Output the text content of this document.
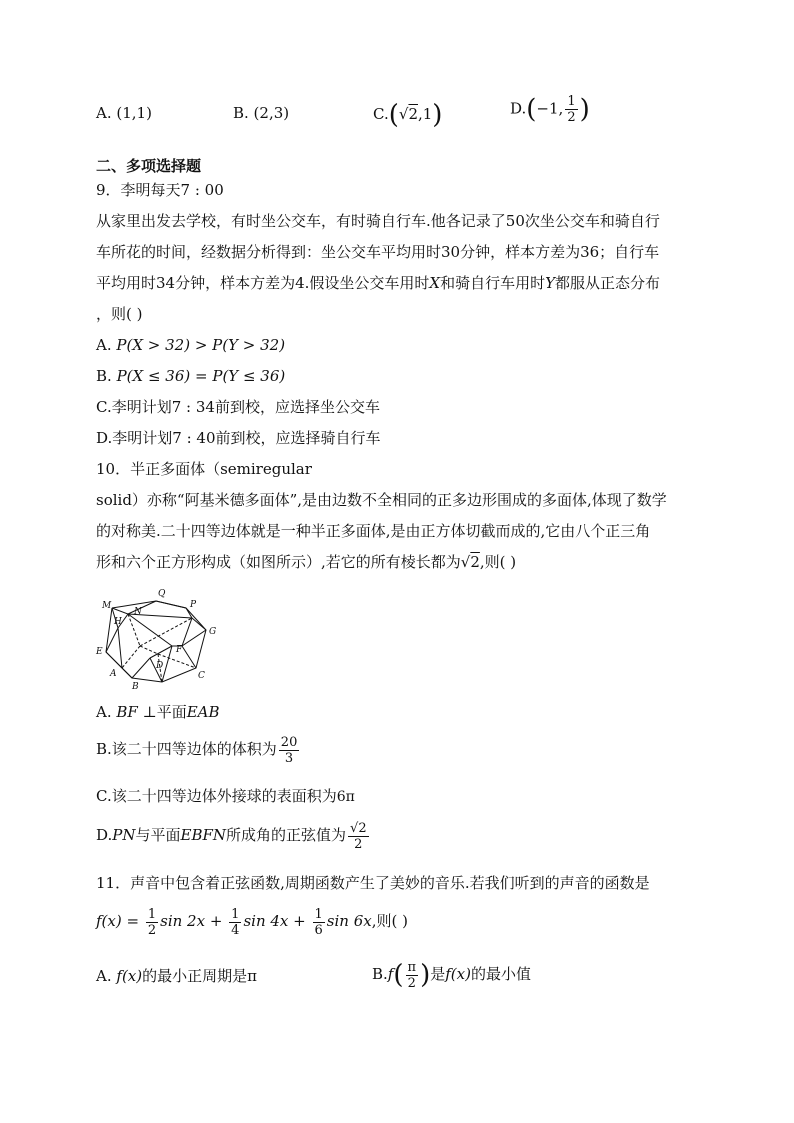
A. (1,1)	B. (2,3)	C.(√2,1)	D.(−1, $\frac{1}{2}$ )
二、多项选择题
9．李明每天7 : 00
从家里出发去学校，有时坐公交车，有时骑自行车.他各记录了50次坐公交车和骑自行
车所花的时间，经数据分析得到：坐公交车平均用时30分钟，样本方差为36；自行车
平均用时34分钟，样本方差为4.假设坐公交车用时X和骑自行车用时Y都服从正态分布
，则( )
A. P(X > 32) > P(Y > 32)
B. P(X ≤ 36) = P(Y ≤ 36)
C.李明计划7 : 34前到校，应选择坐公交车
D.李明计划7 : 40前到校，应选择骑自行车
10．半正多面体（semiregular
solid）亦称“阿基米德多面体”,是由边数不全相同的正多边形围成的多面体,体现了数学
的对称美.二十四等边体就是一种半正多面体,是由正方体切截而成的,它由八个正三角
形和六个正方形构成（如图所示）,若它的所有棱长都为√2,则( )
M
Q
P
N
H
G
E	F
D
A	C
B
A. BF ⊥平面EAB
B.该二十四等边体的体积为 $\frac{20}{3}$
C.该二十四等边体外接球的表面积为6π
D.PN与平面EBFN所成角的正弦值为 $\frac{√2}{2}$
11．声音中包含着正弦函数,周期函数产生了美妙的音乐.若我们听到的声音的函数是
$f(x) = \frac{1}{2}$ $\sin 2x + \frac{1}{4}$ $\sin 4x + \frac{1}{6}$ sin 6x,则( )
A. f(x)的最小正周期是π	$B.f( \frac{\pi}{2}$ )是f(x)的最小值
